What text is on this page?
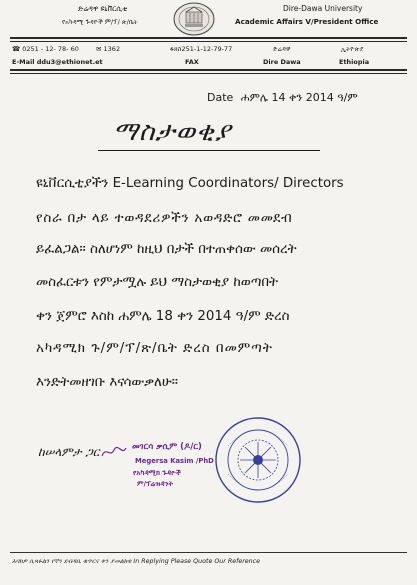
ድሬዳዋ ዩኒቨርሲቲ
የአካዳሚ ጉዳዮች ም/ፕ/ ጽ/ቤት
Dire-Dawa University
Academic Affairs V/President Office
☎ 0251 - 12- 78- 60	✉ 1362	ፋክስ251-1-12-79-77	ድሬዳዋ	ኢትዮጵያ
E-Mail ddu3@ethionet.et	FAX	Dire Dawa	Ethiopia
Date ሐምሌ 14 ቀን 2014 ዓ/ም
ማስታወቂያ
ዩኒቨርሲቲያችን E-Learning Coordinators/ Directors
የስራ በታ ላይ ተወዳደሪዎችን አወዳድሮ መመደብ
ይፈልጋል። ስለሆነም ከዚህ በታች በተጠቀሰው መሰረት
መስፈርቱን የምታሟሉ ይህ ማስታወቂያ ከወጣበት
ቀን ጀምሮ እስከ ሐምሌ 18 ቀን 2014 ዓ/ም ድረስ
አካዳሚክ ጉ/ም/ፕ/ጽ/ቤት ድረስ በመምጣት
እንድትመዘገቡ እናሳውቃለሁ።
ከሠላምታ ጋር	መገርሳ ቃሲም (ዶ/ር)
Megersa Kasim /PhD
የአካዳሚክ ጉዳዮች
ም/ፕሬዝዳንት
እባክዎ ሲጻፉልን የኛን ደብዳቤ ቁጥርና ቀን ያመልክቱ In Replying Please Quote Our Reference
